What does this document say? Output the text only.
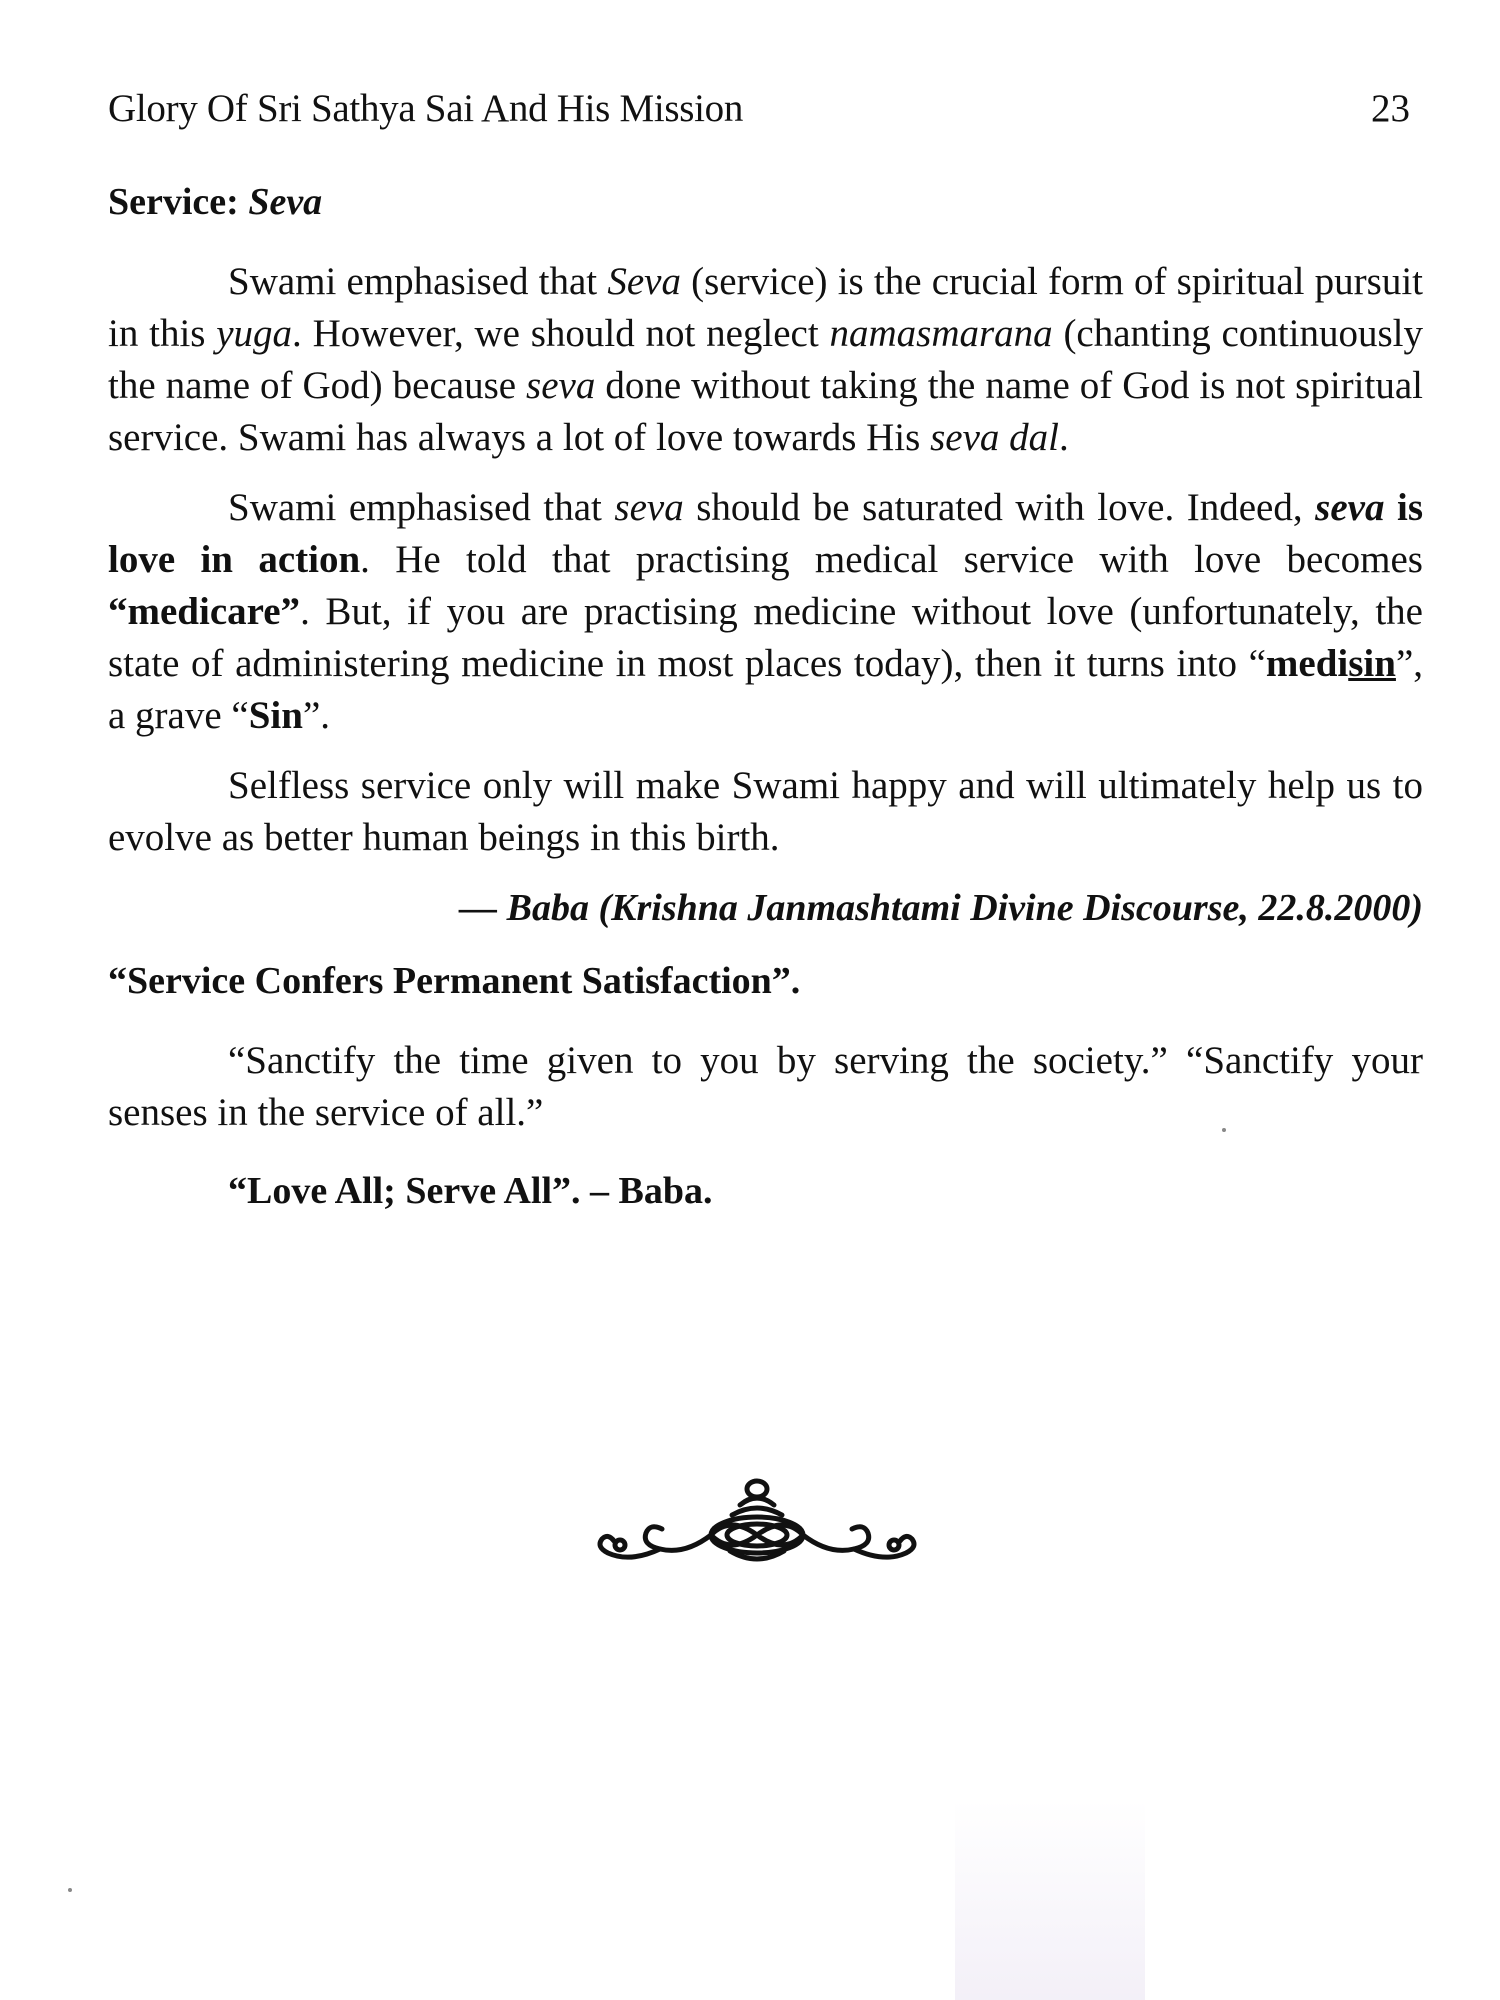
Glory Of Sri Sathya Sai And His Mission	23
Service: Seva

Swami emphasised that Seva (service) is the crucial form of spiritual pursuit in this yuga. However, we should not neglect namasmarana (chanting continuously the name of God) because seva done without taking the name of God is not spiritual service. Swami has always a lot of love towards His seva dal.

Swami emphasised that seva should be saturated with love. Indeed, seva is love in action. He told that practising medical service with love becomes “medicare”. But, if you are practising medicine without love (unfortunately, the state of administering medicine in most places today), then it turns into “medisin”, a grave “Sin”.

Selfless service only will make Swami happy and will ultimately help us to evolve as better human beings in this birth.

— Baba (Krishna Janmashtami Divine Discourse, 22.8.2000)
“Service Confers Permanent Satisfaction”.

“Sanctify the time given to you by serving the society.” “Sanctify your senses in the service of all.”

“Love All; Serve All”. – Baba.
